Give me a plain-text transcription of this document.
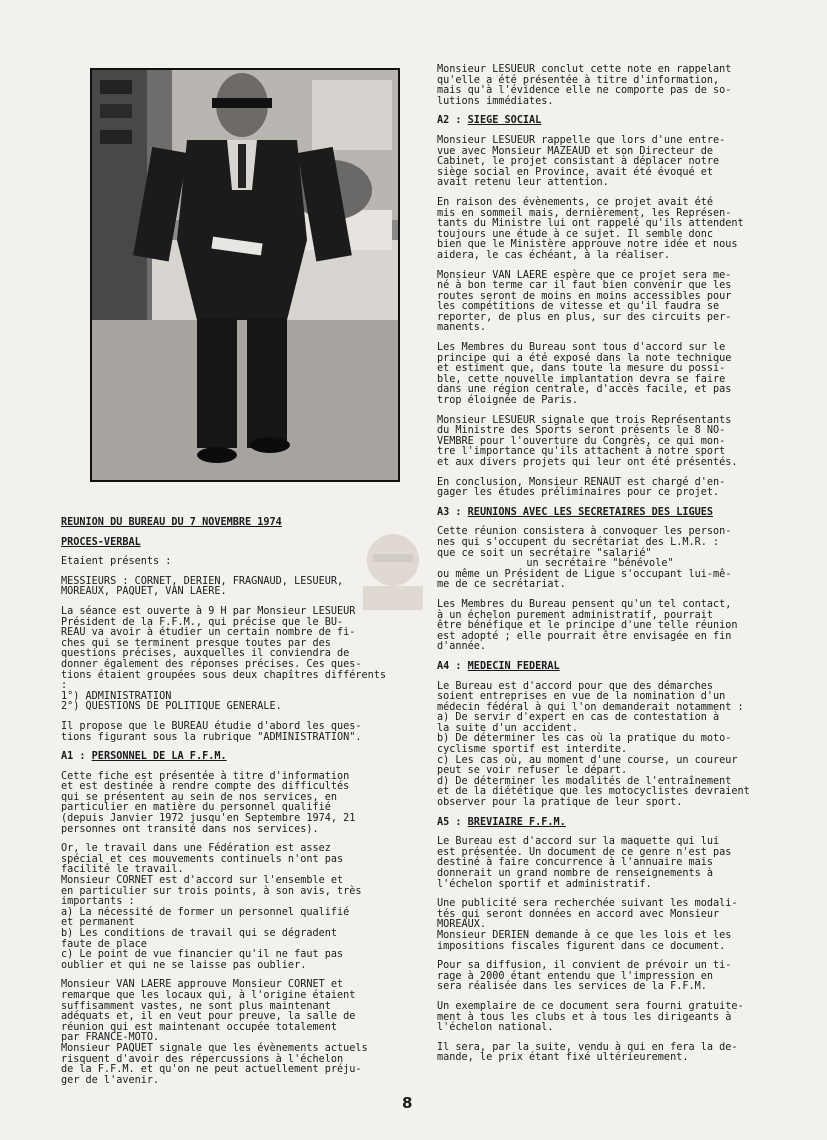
REUNION DU BUREAU DU 7 NOVEMBRE 1974
PROCES-VERBAL
Etaient présents :
MESSIEURS : CORNET, DERIEN, FRAGNAUD, LESUEUR,
MOREAUX, PAQUET, VAN LAERE.
La séance est ouverte à 9 H par Monsieur LESUEUR
Président de la F.F.M., qui précise que le BU-
REAU va avoir à étudier un certain nombre de fi-
ches qui se terminent presque toutes par des
questions précises, auxquelles il conviendra de
donner également des réponses précises. Ces ques-
tions étaient groupées sous deux chapîtres différents :
1°) ADMINISTRATION
2°) QUESTIONS DE POLITIQUE GENERALE.
Il propose que le BUREAU étudie d'abord les ques-
tions figurant sous la rubrique "ADMINISTRATION".
A1 : PERSONNEL DE LA F.F.M.
Cette fiche est présentée à titre d'information
et est destinée à rendre compte des difficultés
qui se présentent au sein de nos services, en
particulier en matière du personnel qualifié
(depuis Janvier 1972 jusqu'en Septembre 1974, 21
personnes ont transité dans nos services).
Or, le travail dans une Fédération est assez
spécial et ces mouvements continuels n'ont pas
facilité le travail.
Monsieur CORNET est d'accord sur l'ensemble et
en particulier sur trois points, à son avis, très
importants :
a) La nécessité de former un personnel qualifié
et permanent
b) Les conditions de travail qui se dégradent
faute de place
c) Le point de vue financier qu'il ne faut pas
oublier et qui ne se laisse pas oublier.
Monsieur VAN LAERE approuve Monsieur CORNET et
remarque que les locaux qui, à l'origine étaient
suffisamment vastes, ne sont plus maintenant
adéquats et, il en veut pour preuve, la salle de
réunion qui est maintenant occupée totalement
par FRANCE-MOTO.
Monsieur PAQUET signale que les évènements actuels
risquent d'avoir des répercussions à l'échelon
de la F.F.M. et qu'on ne peut actuellement préju-
ger de l'avenir.
Monsieur LESUEUR conclut cette note en rappelant
qu'elle a été présentée à titre d'information,
mais qu'à l'évidence elle ne comporte pas de so-
lutions immédiates.
A2 : SIEGE SOCIAL
Monsieur LESUEUR rappelle que lors d'une entre-
vue avec Monsieur MAZEAUD et son Directeur de
Cabinet, le projet consistant à déplacer notre
siège social en Province, avait été évoqué et
avait retenu leur attention.
En raison des évènements, ce projet avait été
mis en sommeil mais, dernièrement, les Représen-
tants du Ministre lui ont rappelé qu'ils attendent
toujours une étude à ce sujet. Il semble donc
bien que le Ministère approuve notre idée et nous
aidera, le cas échéant, à la réaliser.
Monsieur VAN LAERE espère que ce projet sera me-
né à bon terme car il faut bien convenir que les
routes seront de moins en moins accessibles pour
les compétitions de vitesse et qu'il faudra se
reporter, de plus en plus, sur des circuits per-
manents.
Les Membres du Bureau sont tous d'accord sur le
principe qui a été exposé dans la note technique
et estiment que, dans toute la mesure du possi-
ble, cette nouvelle implantation devra se faire
dans une région centrale, d'accès facile, et pas
trop éloignée de Paris.
Monsieur LESUEUR signale que trois Représentants
du Ministre des Sports seront présents le 8 NO-
VEMBRE pour l'ouverture du Congrès, ce qui mon-
tre l'importance qu'ils attachent à notre sport
et aux divers projets qui leur ont été présentés.
En conclusion, Monsieur RENAUT est chargé d'en-
gager les études préliminaires pour ce projet.
A3 : REUNIONS AVEC LES SECRETAIRES DES LIGUES
Cette réunion consistera à convoquer les person-
nes qui s'occupent du secrétariat des L.M.R. :
que ce soit un secrétaire "salarié"
un secrétaire "bénévole"
ou même un Président de Ligue s'occupant lui-mê-
me de ce secrétariat.
Les Membres du Bureau pensent qu'un tel contact,
à un échelon purement administratif, pourrait
être bénéfique et le principe d'une telle réunion
est adopté ; elle pourrait être envisagée en fin
d'année.
A4 : MEDECIN FEDERAL
Le Bureau est d'accord pour que des démarches
soient entreprises en vue de la nomination d'un
médecin fédéral à qui l'on demanderait notamment :
a) De servir d'expert en cas de contestation à
la suite d'un accident.
b) De déterminer les cas où la pratique du moto-
cyclisme sportif est interdite.
c) Les cas où, au moment d'une course, un coureur
peut se voir refuser le départ.
d) De déterminer les modalités de l'entraînement
et de la diététique que les motocyclistes devraient
observer pour la pratique de leur sport.
A5 : BREVIAIRE F.F.M.
Le Bureau est d'accord sur la maquette qui lui
est présentée. Un document de ce genre n'est pas
destiné à faire concurrence à l'annuaire mais
donnerait un grand nombre de renseignements à
l'échelon sportif et administratif.
Une publicité sera recherchée suivant les modali-
tés qui seront données en accord avec Monsieur
MOREAUX.
Monsieur DERIEN demande à ce que les lois et les
impositions fiscales figurent dans ce document.
Pour sa diffusion, il convient de prévoir un ti-
rage à 2000 étant entendu que l'impression en
sera réalisée dans les services de la F.F.M.
Un exemplaire de ce document sera fourni gratuite-
ment à tous les clubs et à tous les dirigeants à
l'échelon national.
Il sera, par la suite, vendu à qui en fera la de-
mande, le prix étant fixé ultérieurement.
8
